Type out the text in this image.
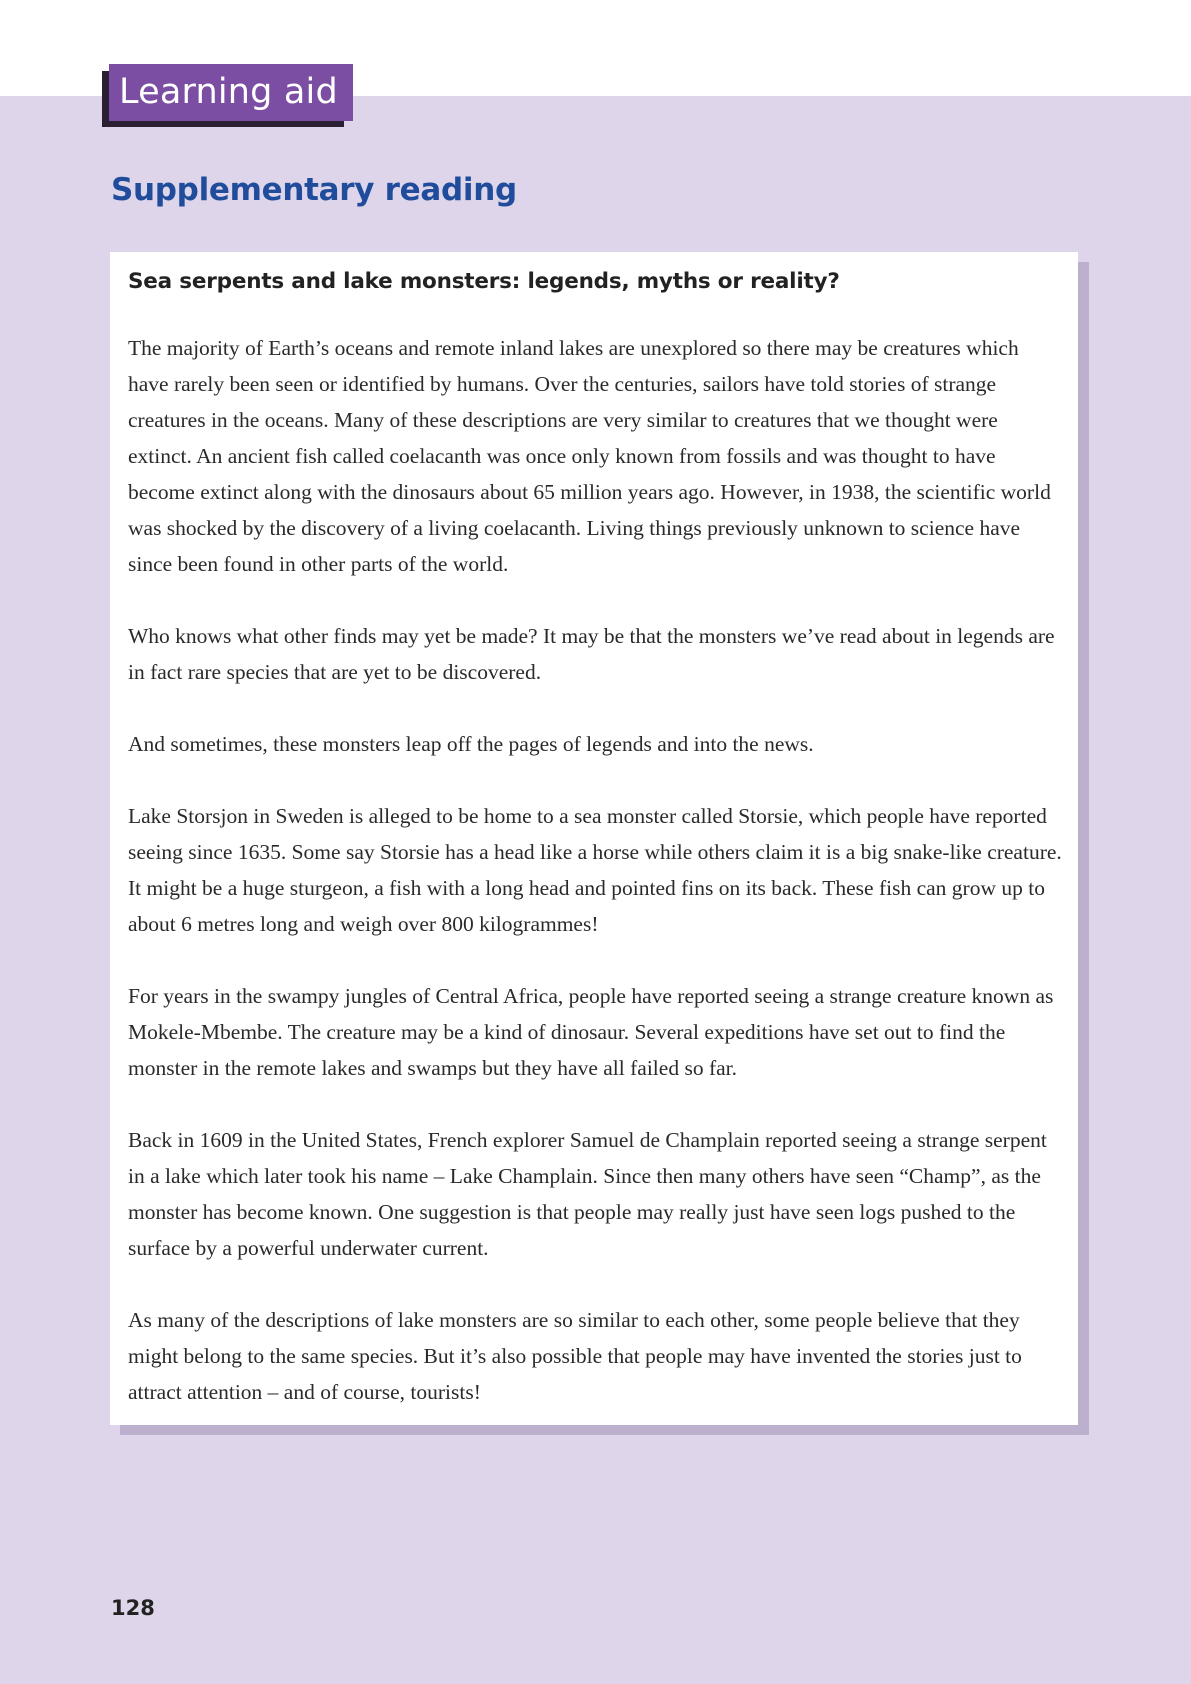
Learning aid
Supplementary reading
Sea serpents and lake monsters: legends, myths or reality?

The majority of Earth’s oceans and remote inland lakes are unexplored so there may be creatures which have rarely been seen or identified by humans. Over the centuries, sailors have told stories of strange creatures in the oceans. Many of these descriptions are very similar to creatures that we thought were extinct. An ancient fish called coelacanth was once only known from fossils and was thought to have become extinct along with the dinosaurs about 65 million years ago. However, in 1938, the scientific world was shocked by the discovery of a living coelacanth. Living things previously unknown to science have since been found in other parts of the world.

Who knows what other finds may yet be made? It may be that the monsters we’ve read about in legends are in fact rare species that are yet to be discovered.

And sometimes, these monsters leap off the pages of legends and into the news.

Lake Storsjon in Sweden is alleged to be home to a sea monster called Storsie, which people have reported seeing since 1635. Some say Storsie has a head like a horse while others claim it is a big snake-like creature. It might be a huge sturgeon, a fish with a long head and pointed fins on its back. These fish can grow up to about 6 metres long and weigh over 800 kilogrammes!

For years in the swampy jungles of Central Africa, people have reported seeing a strange creature known as Mokele-Mbembe. The creature may be a kind of dinosaur. Several expeditions have set out to find the monster in the remote lakes and swamps but they have all failed so far.

Back in 1609 in the United States, French explorer Samuel de Champlain reported seeing a strange serpent in a lake which later took his name – Lake Champlain. Since then many others have seen “Champ”, as the monster has become known. One suggestion is that people may really just have seen logs pushed to the surface by a powerful underwater current.

As many of the descriptions of lake monsters are so similar to each other, some people believe that they might belong to the same species. But it’s also possible that people may have invented the stories just to attract attention – and of course, tourists!

128
